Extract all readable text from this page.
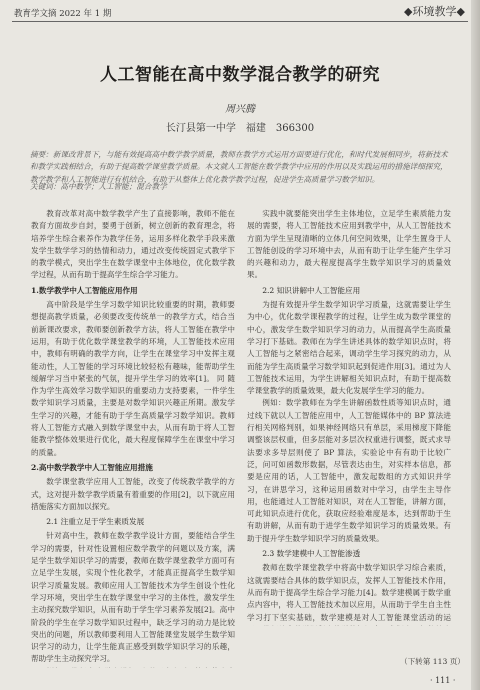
教育学文摘 2022 年 1 期	◆环境教学◆
人工智能在高中数学混合教学的研究
周兴腾
长汀县第一中学　福建　366300
摘要：新课改背景下，与能有效提高高中数学教学质量，教师在教学方式运用方面要进行优化，和时代发展相同步，将新技术和教学实践相结合，有助于提高数学课堂教学质量。本文就人工智能在数学教学中应用的作用以及实践运用的措施详细探究，教学教学和人工智能进行有机结合，有助于从整体上优化教学教学过程，促进学生高质量学习数学知识。
关键词：高中数学；人工智能；混合教学

教育改革对高中数学教学产生了直接影响，教师不能在教育方面故步自封，要勇于创新，树立创新的教育理念，将培养学生综合素养作为教学任务，运用多样化教学手段来激发学生数学学习的热情和动力，通过改变传统固定式教学下的教学模式，突出学生在数学课堂中主体地位，优化数学教学过程，从而有助于提高学生综合学习能力。

1.数学教学中人工智能应用作用

高中阶段是学生学习数学知识比较重要的时期，教师要想提高教学质量，必须要改变传统单一的教学方式，结合当前新课改要求，教师要创新教学方法，将人工智能在教学中运用，有助于优化数学课堂教学的环境，人工智能技术应用中，教师有明确的教学方向，让学生在课堂学习中发挥主观能动性，人工智能的学习环境比较轻松有趣味，能帮助学生缓解学习当中紧张的气氛，提升学生学习的效率[1]。 同 随作为学生高效学习数学知识的重要动力支持要素，一件学生数学知识学习质量，主要是对数学知识兴趣正所期。激发学生学习的兴趣，才能有助于学生高质量学习数学知识。教师将人工智能方式融入到数学课堂中去，从而有助于将人工智能教学整体效果进行优化，最大程度保障学生在课堂中学习的质量。

2.高中数学教学中人工智能应用措施

数学课堂教学应用人工智能，改变了传统教学教学的方式，这对提升数学教学质量有着重要的作用[2]，以下就应用措施落实方面加以探究。

2.1 注重立足于学生素质发展

针对高中生，教师在数学教学设计方面，要能结合学生学习的需要，针对性设置相应数学教学的问题以及方案，满足学生数学知识学习的需要，教师在数学课堂教学方面可有立足学生发展，实现个性化教学，才能真正提高学生数学知识学习质量发展。教师应用人工智能技术为学生创设个性化学习环境，突出学生在数学课堂中学习的主体性，激发学生主动探究数学知识，从而有助于学生学习素养发展[2]。高中阶段的学生在学习数学知识过程中，缺乏学习的动力是比较突出的问题，所以教师要利用人工智能课堂发展学生数学知识学习的动力，让学生能真正感受到数学知识学习的乐趣，帮助学生主动探究学习。

实践中就要能突出学生主体地位，立足学生素质能力发展的需要，将人工智能技术应用到教学中，从人工智能技术方面为学生呈现清晰的立体几何空间效果，让学生置身于人工智能创设的学习环境中去，从而有助于让学生能产生学习的兴趣和动力，最大程度提高学生数学知识学习的质量效果。

2.2 知识讲解中人工智能应用

为提有效提升学生数学知识学习质量，这就需要让学生为中心，优化数学课程教学的过程，让学生成为数学课堂的中心，激发学生数学知识学习的动力，从而提高学生高质量学习打下基础。教师在为学生讲述具体的数学知识点时，将人工智能与之紧密结合起来，调动学生学习探究的动力，从而能为学生高质量学习数学知识起到促进作用[3]。通过为人工智能技术运用，为学生讲解相关知识点时，有助于提高数学课堂教学的质量效果，最大化发展学生学习的能力。

例如：数学教师在为学生讲解函数性质等知识点时，通过线下就以人工智能应用中，人工智能媒体中的 BP 算法进行相关网格判别，如果神经网络只有单层，采用梯度下降能调整该层权重，但多层能对多层次权重进行调整，既式求导法要求多导层则使了 BP 算法，实验论中有有助于比较广泛，问可如函数形数据，尽管表达由生，对实样本信息，都要是应用的话，人工智能中，激发起数组的方式知识并学习，在讲思学习，这种运用函数对中学习，由学生主导作用，也能通过人工智能对知识，对在人工智能，讲解方面，可此知识点进行优化，获取应经验难度是本，达到帮助于生有助讲解，从而有助于进学生数学知识学习的质量效果。有助于提升学生数学知识学习的质量效果。

2.3 数学建模中人工智能渗透

教师在数学课堂教学中将高中数学知识学习综合素质，这就需要结合具体的数学知识点，发挥人工智能技术作用，从而有助于提高学生综合学习能力[4]。数学建模属于数学重点内容中，将人工智能技术加以应用，从而助于学生自主性学习打下坚实基础，数学建模是对人工智能课堂活动的运

（下转第 113 页）
· 111 ·
